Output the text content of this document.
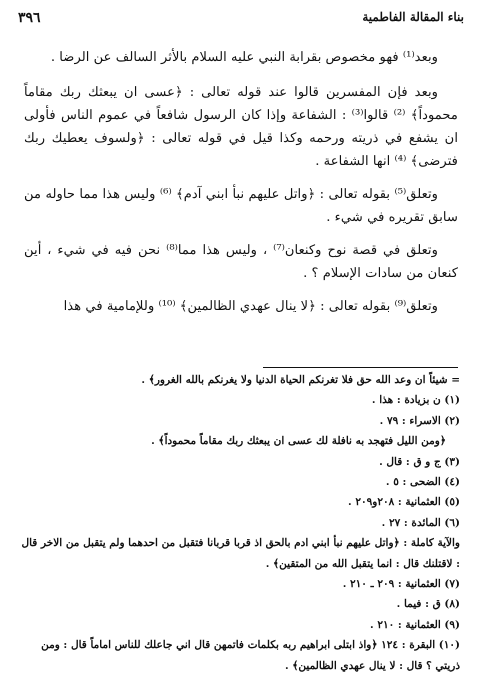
بناء المقالة الفاطمية
٣٩٦

وبعد⁽¹⁾ فهو مخصوص بقرابة النبي عليه السلام بالأثر السالف عن الرضا .

وبعد فإن المفسرين قالوا عند قوله تعالى : ﴿عسى ان يبعثك ربك مقاماً محموداً﴾ ⁽²⁾ قالوا⁽³⁾ : الشفاعة وإذا كان الرسول شافعاً في عموم الناس فأولى ان يشفع في ذريته ورحمه وكذا قيل في قوله تعالى : ﴿ولسوف يعطيك ربك فترضى﴾ ⁽⁴⁾ انها الشفاعة .

وتعلق⁽⁵⁾ بقوله تعالى : ﴿واتل عليهم نبأ ابني آدم﴾ ⁽⁶⁾ وليس هذا مما حاوله من سابق تقريره في شيء .

وتعلق في قصة نوح وكنعان⁽⁷⁾ ، وليس هذا مما⁽⁸⁾ نحن فيه في شيء ، أين كنعان من سادات الإسلام ؟ .

وتعلق⁽⁹⁾ بقوله تعالى : ﴿لا ينال عهدي الظالمين﴾ ⁽¹⁰⁾ وللإمامية في هذا

= شيئاً ان وعد الله حق فلا تغرنكم الحياة الدنيا ولا يغرنكم بالله الغرور﴾ .
(١) ن بزيادة : هذا .
(٢) الاسراء : ٧٩ .
﴿ومن الليل فتهجد به نافلة لك عسى ان يبعثك ربك مقاماً محموداً﴾ .
(٣) ج و ق : قال .
(٤) الضحى : ٥ .
(٥) العثمانية : ٢٠٨و٢٠٩ .
(٦) المائدة : ٢٧ .
والآية كاملة : ﴿واتل عليهم نبأ ابني ادم بالحق اذ قربا قربانا فتقبل من احدهما ولم يتقبل من الاخر قال : لاقتلنك قال : انما يتقبل الله من المتقين﴾ .
(٧) العثمانية : ٢٠٩ ـ ٢١٠ .
(٨) ق : فيما .
(٩) العثمانية : ٢١٠ .
(١٠) البقرة : ١٢٤ ﴿واذ ابتلى ابراهيم ربه بكلمات فاتمهن قال اني جاعلك للناس اماماً قال : ومن ذريتي ؟ قال : لا ينال عهدي الظالمين﴾ .
